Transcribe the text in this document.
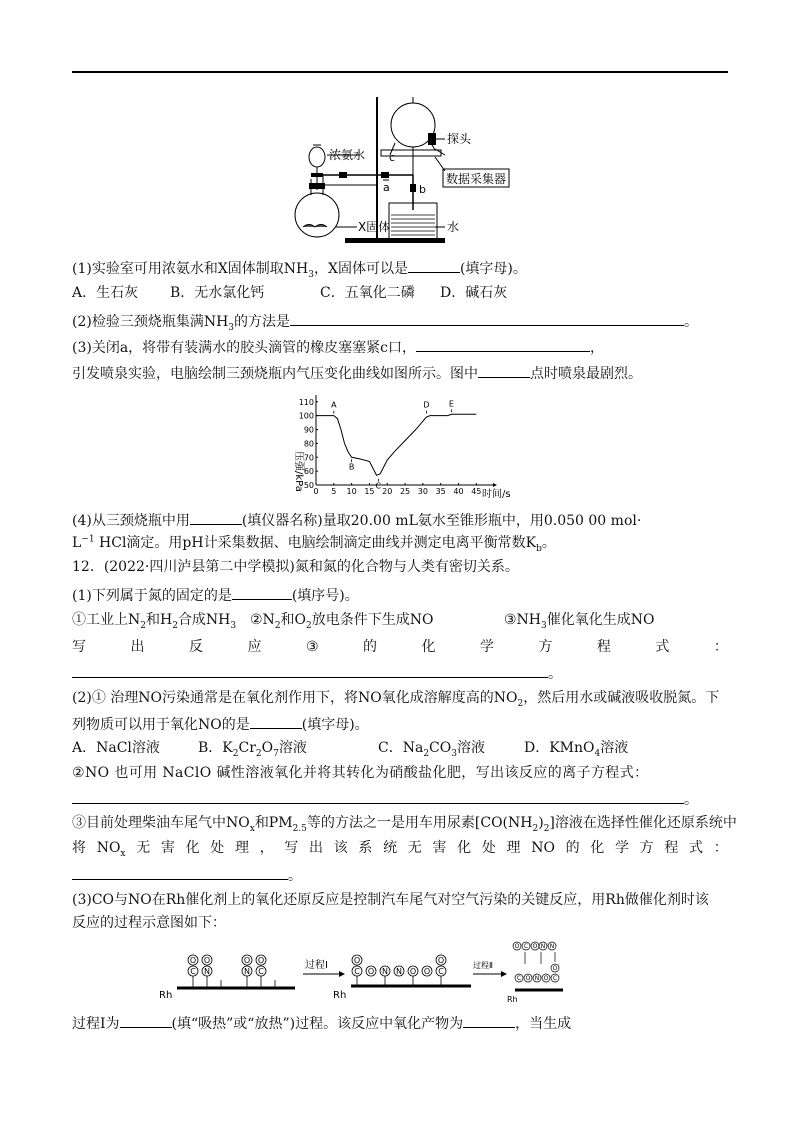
浓氨水
探头
c
a	b
数据采集器
X固体	水
(1)实验室可用浓氨水和X固体制取$NH_3$，X固体可以是	(填字母)。
A．生石灰 B．无水氯化钙	C．五氧化二磷 D．碱石灰
(2)检验三颈烧瓶集满$NH_3$的方法是	。
(3)关闭a，将带有装满水的胶头滴管的橡皮塞塞紧c口，	，
引发喷泉实验，电脑绘制三颈烧瓶内气压变化曲线如图所示。图中	点时喷泉最剧烈。
压强/kPa
时间/s
0 5 10 15 20 25 30 35 40 45
50
60
70
80
90
100
110 A
B
C
D E
(4)从三颈烧瓶中用	(填仪器名称)量取20.00 mL氨水至锥形瓶中，用0.050 00 mol·
$L^{-1}$ HCl滴定。用pH计采集数据、电脑绘制滴定曲线并测定电离平衡常数$K_b$。
12．(2022·四川泸县第二中学模拟)氮和氮的化合物与人类有密切关系。
(1)下列属于氮的固定的是	(填序号)。
①工业上$N_2$和$H_2$合成$NH_3$ $②N_2$和$O_2$放电条件下生成NO	$③NH_3$催化氧化生成NO
写	出	反	应	③	的	化	学	方	程	式	：
。
(2)① 治理NO污染通常是在氧化剂作用下，将NO氧化成溶解度高的$NO_2$，然后用水或碱液吸收脱氮。下
列物质可以用于氧化NO的是	(填字母)。
A．NaCl溶液	B．$K_2Cr_2O_7$溶液	C．$Na_2CO_3$溶液	D．KMnO$_4$溶液
②NO 也可用 NaClO 碱性溶液氧化并将其转化为硝酸盐化肥，写出该反应的离子方程式：
。
③目前处理柴油车尾气中$NO_x$和$PM_{2.5}$等的方法之一是用车用尿素$[CO(NH_2)_2]$溶液在选择性催化还原系统中
将 $NO_x$ 无 害 化 处 理 ， 写 出 该 系 统 无 害 化 处 理 NO 的 化 学 方 程 式 ：
。
(3)CO与NO在Rh催化剂上的氧化还原反应是控制汽车尾气对空气污染的关键反应，用Rh做催化剂时该
反应的过程示意图如下：
O
C
O
N
O
N
O
C
Rh
过程Ⅰ	O
C O N N O O
O
C
Rh
过程Ⅱ
O C O N N
C O N O
O
C
Rh
过程Ⅰ为	(填“吸热”或“放热”)过程。该反应中氧化产物为	，当生成
